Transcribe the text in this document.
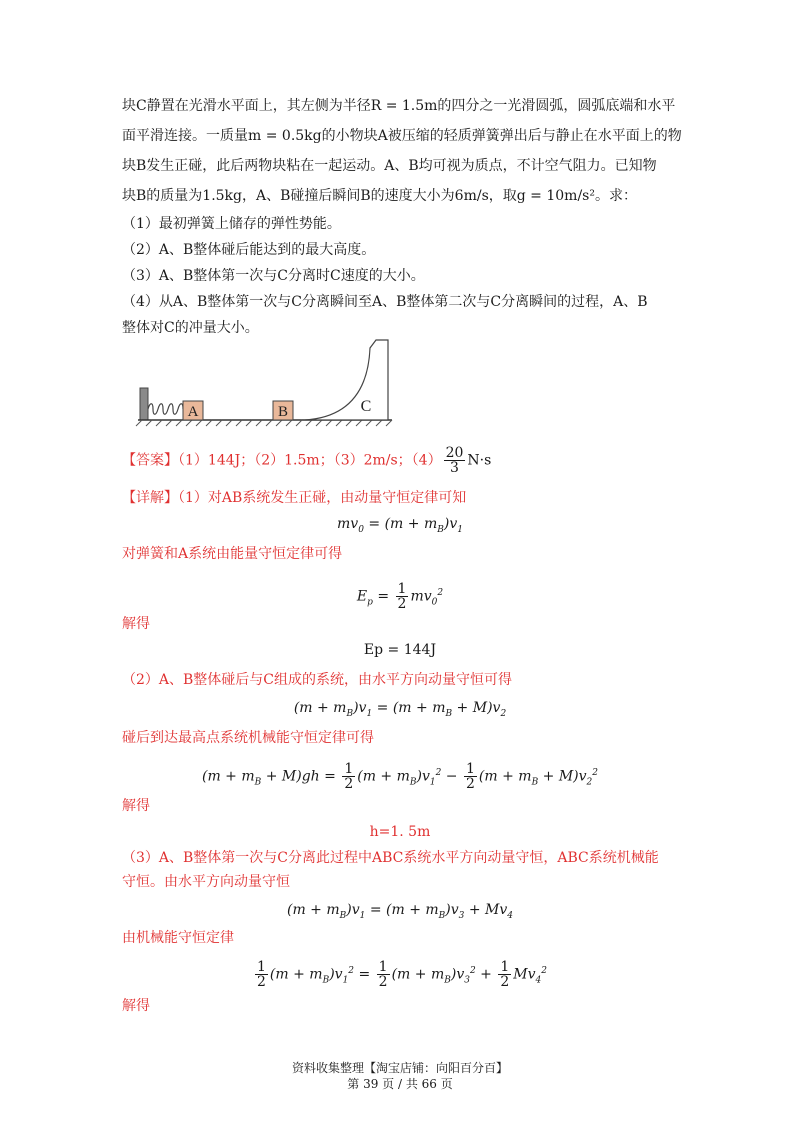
块C静置在光滑水平面上，其左侧为半径R = 1.5m的四分之一光滑圆弧，圆弧底端和水平
面平滑连接。一质量m = 0.5kg的小物块A被压缩的轻质弹簧弹出后与静止在水平面上的物
块B发生正碰，此后两物块粘在一起运动。A、B均可视为质点，不计空气阻力。已知物
块B的质量为1.5kg，A、B碰撞后瞬间B的速度大小为6m/s，取g = 10m/s²。求：
（1）最初弹簧上储存的弹性势能。
（2）A、B整体碰后能达到的最大高度。
（3）A、B整体第一次与C分离时C速度的大小。
（4）从A、B整体第一次与C分离瞬间至A、B整体第二次与C分离瞬间的过程，A、B
整体对C的冲量大小。
A	B	C
【答案】（1）144J；（2）1.5m；（3）2m/s；$(4) \frac{20}{3} N\cdot s$
【详解】（1）对AB系统发生正碰，由动量守恒定律可知
$mv_0 = (m + m_B)v_1$
对弹簧和A系统由能量守恒定律可得
$E_p = \frac{1}{2} mv_0^2$
解得
Ep = 144J
（2）A、B整体碰后与C组成的系统，由水平方向动量守恒可得
$(m + m_B)v_1 = (m + m_B + M)v_2$
碰后到达最高点系统机械能守恒定律可得
$(m + m_B + M)gh = \frac{1}{2} (m + m_B)v_1^2 - \frac{1}{2} (m + m_B + M)v_2^2$
解得
h=1. 5m
（3）A、B整体第一次与C分离此过程中ABC系统水平方向动量守恒，ABC系统机械能
守恒。由水平方向动量守恒
$(m + m_B)v_1 = (m + m_B)v_3 + Mv_4$
由机械能守恒定律
$\frac{1}{2} (m + m_B)v_1^2 = \frac{1}{2} (m + m_B)v_3^2 + \frac{1}{2} Mv_4^2$
解得
资料收集整理【淘宝店铺：向阳百分百】
第 39 页 / 共 66 页
